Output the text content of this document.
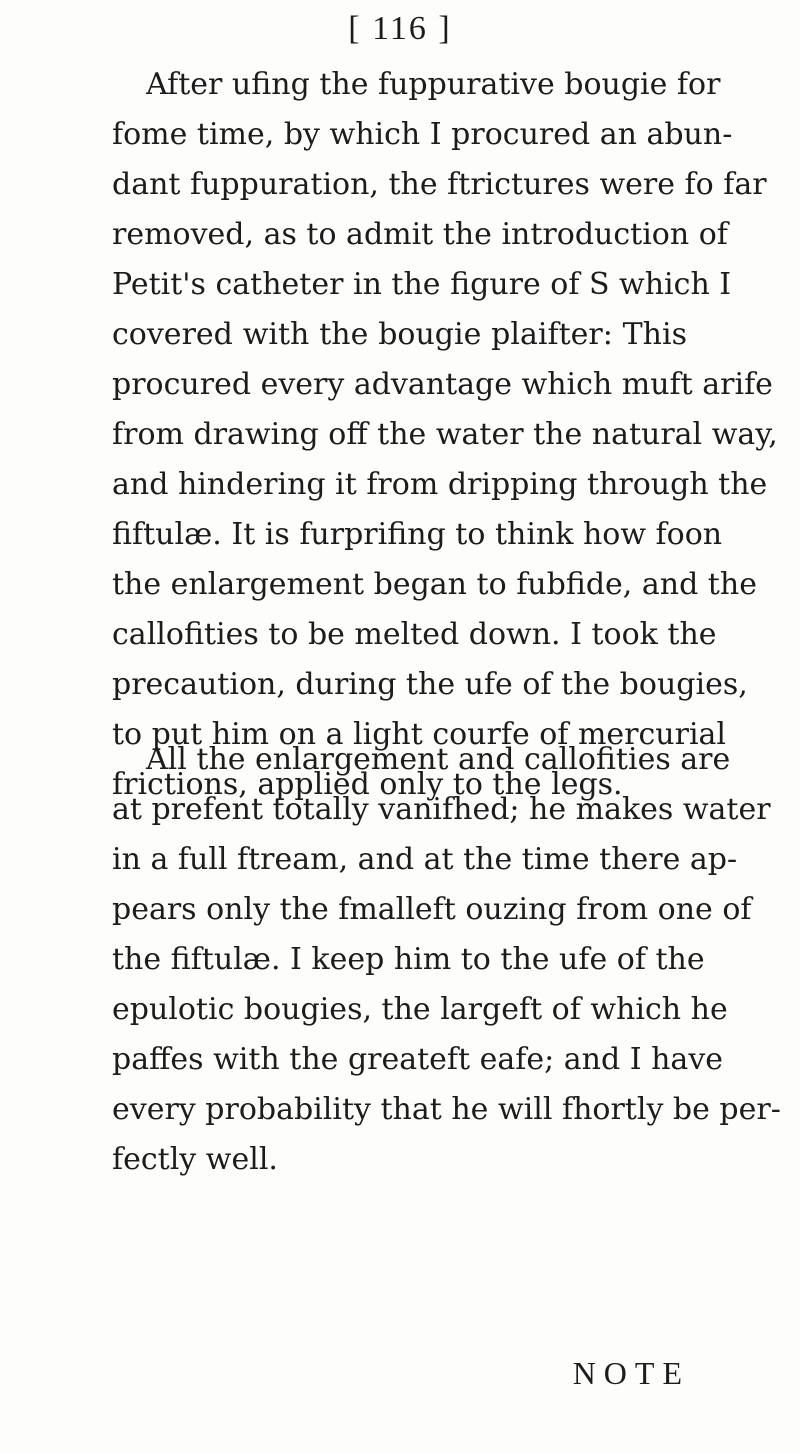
[ 116 ]
After ufing the fuppurative bougie for
fome time, by which I procured an abun-
dant fuppuration, the ftrictures were fo far
removed, as to admit the introduction of
Petit's catheter in the figure of S which I
covered with the bougie plaifter: This
procured every advantage which muft arife
from drawing off the water the natural way,
and hindering it from dripping through the
fiftulæ. It is furprifing to think how foon
the enlargement began to fubfide, and the
callofities to be melted down. I took the
precaution, during the ufe of the bougies,
to put him on a light courfe of mercurial
frictions, applied only to the legs.
All the enlargement and callofities are
at prefent totally vanifhed; he makes water
in a full ftream, and at the time there ap-
pears only the fmalleft ouzing from one of
the fiftulæ. I keep him to the ufe of the
epulotic bougies, the largeft of which he
paffes with the greateft eafe; and I have
every probability that he will fhortly be per-
fectly well.
NOTE
